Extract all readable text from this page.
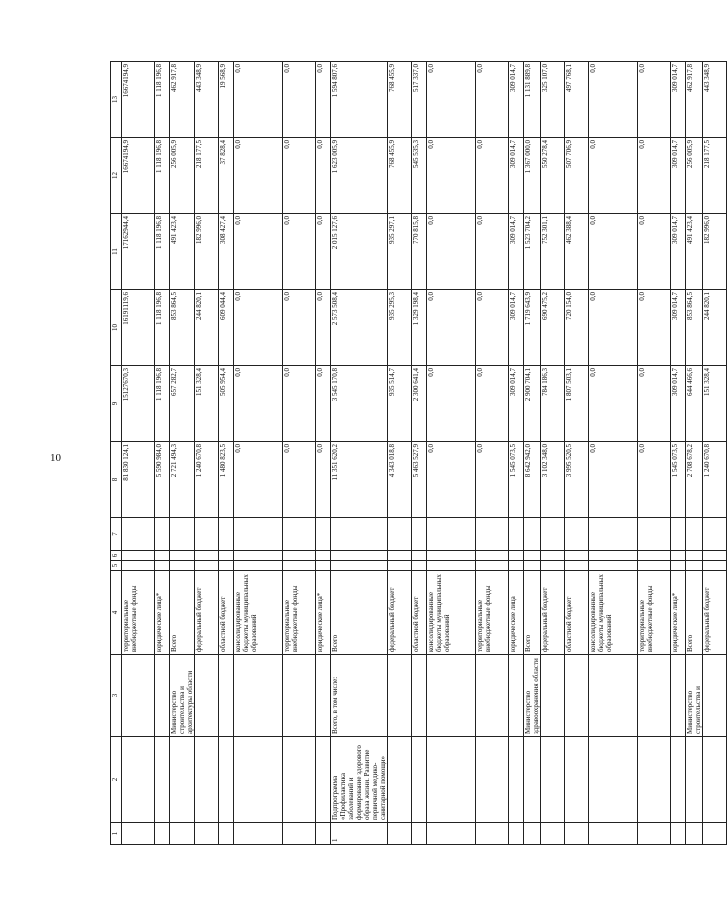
10
1	2	3	4	5	6	7	8	9	10	11	12	13
			территориальные внебюджетные фонды				81 830 124,1	15127670,3	16191119,6	17162944,4	16674194,9	16674194,9
			юридические лица*				5 590 984,0	1 118 196,8	1 118 196,8	1 118 196,8	1 118 196,8	1 118 196,8
		Министерство строительства и архитектуры области	Всего				2 721 494,3	657 282,7	853 864,5	491 423,4	256 005,9	462 917,8
			федеральный бюджет				1 240 670,8	151 328,4	244 820,1	182 996,0	218 177,5	443 348,9
			областной бюджет				1 480 823,5	505 954,4	609 044,4	308 427,4	37 828,4	19 568,9
			консолидированные бюджеты муниципальных образований				0,0	0,0	0,0	0,0	0,0	0,0
			территориальные внебюджетные фонды				0,0	0,0	0,0	0,0	0,0	0,0
			юридические лица*				0,0	0,0	0,0	0,0	0,0	0,0
1	Подпрограмма «Профилактика заболеваний и формирование здорового образа жизни. Развитие первичной медико-санитарной помощи»	Всего, в том числе:	Всего				11 351 620,2	3 545 170,8	2 573 508,4	2 015 127,6	1 623 005,9	1 594 807,6
			федеральный бюджет				4 343 018,8	935 514,7	935 295,3	935 297,1	768 455,9	768 455,9
			областной бюджет				5 463 527,9	2 300 641,4	1 329 198,4	770 815,8	545 535,3	517 337,0
			консолидированные бюджеты муниципальных образований				0,0	0,0	0,0	0,0	0,0	0,0
			территориальные внебюджетные фонды				0,0	0,0	0,0	0,0	0,0	0,0
			юридические лица				1 545 073,5	309 014,7	309 014,7	309 014,7	309 014,7	309 014,7
		Министерство здравоохранения области	Всего				8 642 942,0	2 900 704,1	1 719 643,9	1 523 704,2	1 367 000,0	1 131 889,8
			федеральный бюджет				3 102 348,0	784 186,3	690 475,2	752 301,1	550 278,4	325 107,0
			областной бюджет				3 995 520,5	1 807 503,1	720 154,0	462 388,4	507 706,9	497 768,1
			консолидированные бюджеты муниципальных образований				0,0	0,0	0,0	0,0	0,0	0,0
			территориальные внебюджетные фонды				0,0	0,0	0,0	0,0	0,0	0,0
			юридические лица*				1 545 073,5	309 014,7	309 014,7	309 014,7	309 014,7	309 014,7
		Министерство строительства и	Всего				2 708 678,2	644 466,6	853 864,5	491 423,4	256 005,9	462 917,8
			федеральный бюджет				1 240 670,8	151 328,4	244 820,1	182 996,0	218 177,5	443 348,9
